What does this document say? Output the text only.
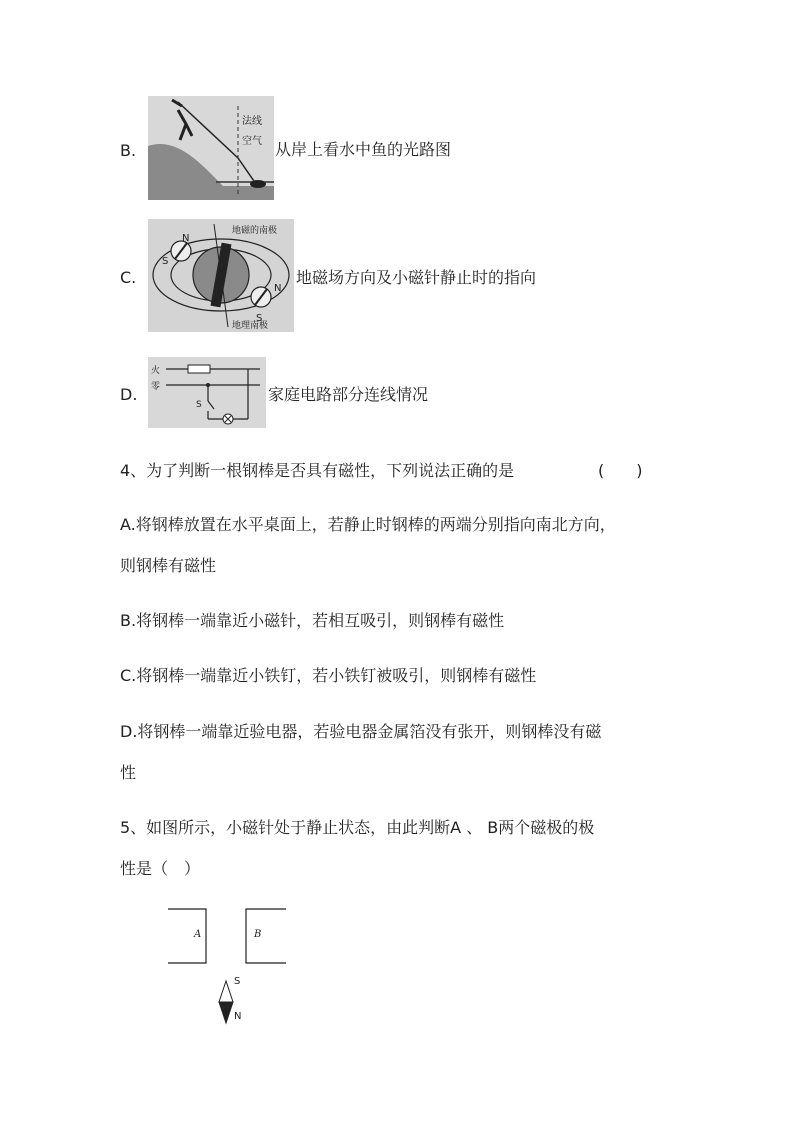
B.
法线
空气 从岸上看水中鱼的光路图
C.
N
S
N
S
地磁的南极
地理南极
地磁场方向及小磁针静止时的指向
D.
火
零
S
家庭电路部分连线情况
4、为了判断一根钢棒是否具有磁性，下列说法正确的是	(　　)
A.将钢棒放置在水平桌面上，若静止时钢棒的两端分别指向南北方向，
则钢棒有磁性
B.将钢棒一端靠近小磁针，若相互吸引，则钢棒有磁性
C.将钢棒一端靠近小铁钉，若小铁钉被吸引，则钢棒有磁性
D.将钢棒一端靠近验电器，若验电器金属箔没有张开，则钢棒没有磁
性
5、如图所示，小磁针处于静止状态，由此判断A 、 B两个磁极的极
性是（　）
A	B
S
N
